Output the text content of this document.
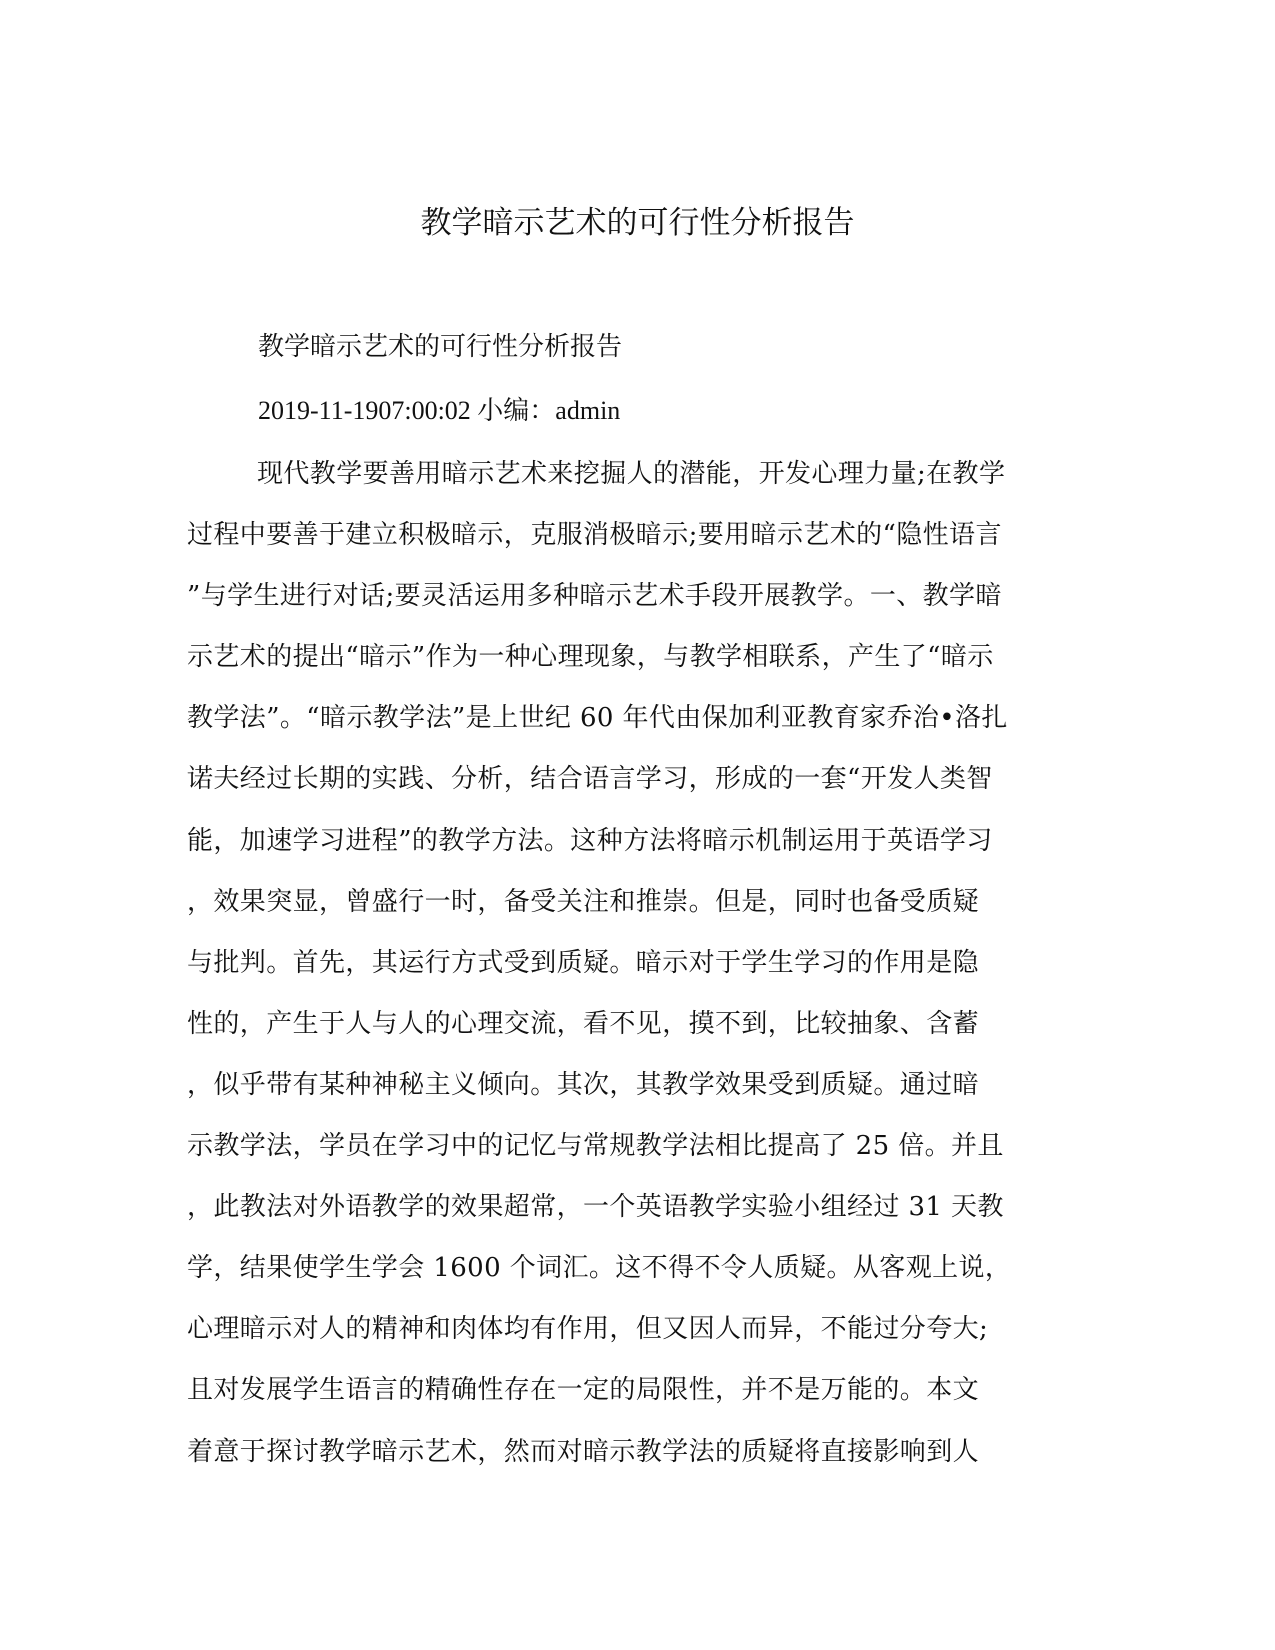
教学暗示艺术的可行性分析报告

教学暗示艺术的可行性分析报告

2019-11-1907:00:02 小编：admin

现代教学要善用暗示艺术来挖掘人的潜能，开发心理力量;在教学
过程中要善于建立积极暗示，克服消极暗示;要用暗示艺术的“隐性语言
”与学生进行对话;要灵活运用多种暗示艺术手段开展教学。一、教学暗
示艺术的提出“暗示”作为一种心理现象，与教学相联系，产生了“暗示
教学法”。“暗示教学法”是上世纪 60 年代由保加利亚教育家乔治•洛扎
诺夫经过长期的实践、分析，结合语言学习，形成的一套“开发人类智
能，加速学习进程”的教学方法。这种方法将暗示机制运用于英语学习
，效果突显，曾盛行一时，备受关注和推崇。但是，同时也备受质疑
与批判。首先，其运行方式受到质疑。暗示对于学生学习的作用是隐
性的，产生于人与人的心理交流，看不见，摸不到，比较抽象、含蓄
，似乎带有某种神秘主义倾向。其次，其教学效果受到质疑。通过暗
示教学法，学员在学习中的记忆与常规教学法相比提高了 25 倍。并且
，此教法对外语教学的效果超常，一个英语教学实验小组经过 31 天教
学，结果使学生学会 1600 个词汇。这不得不令人质疑。从客观上说，
心理暗示对人的精神和肉体均有作用，但又因人而异，不能过分夸大;
且对发展学生语言的精确性存在一定的局限性，并不是万能的。本文
着意于探讨教学暗示艺术，然而对暗示教学法的质疑将直接影响到人
